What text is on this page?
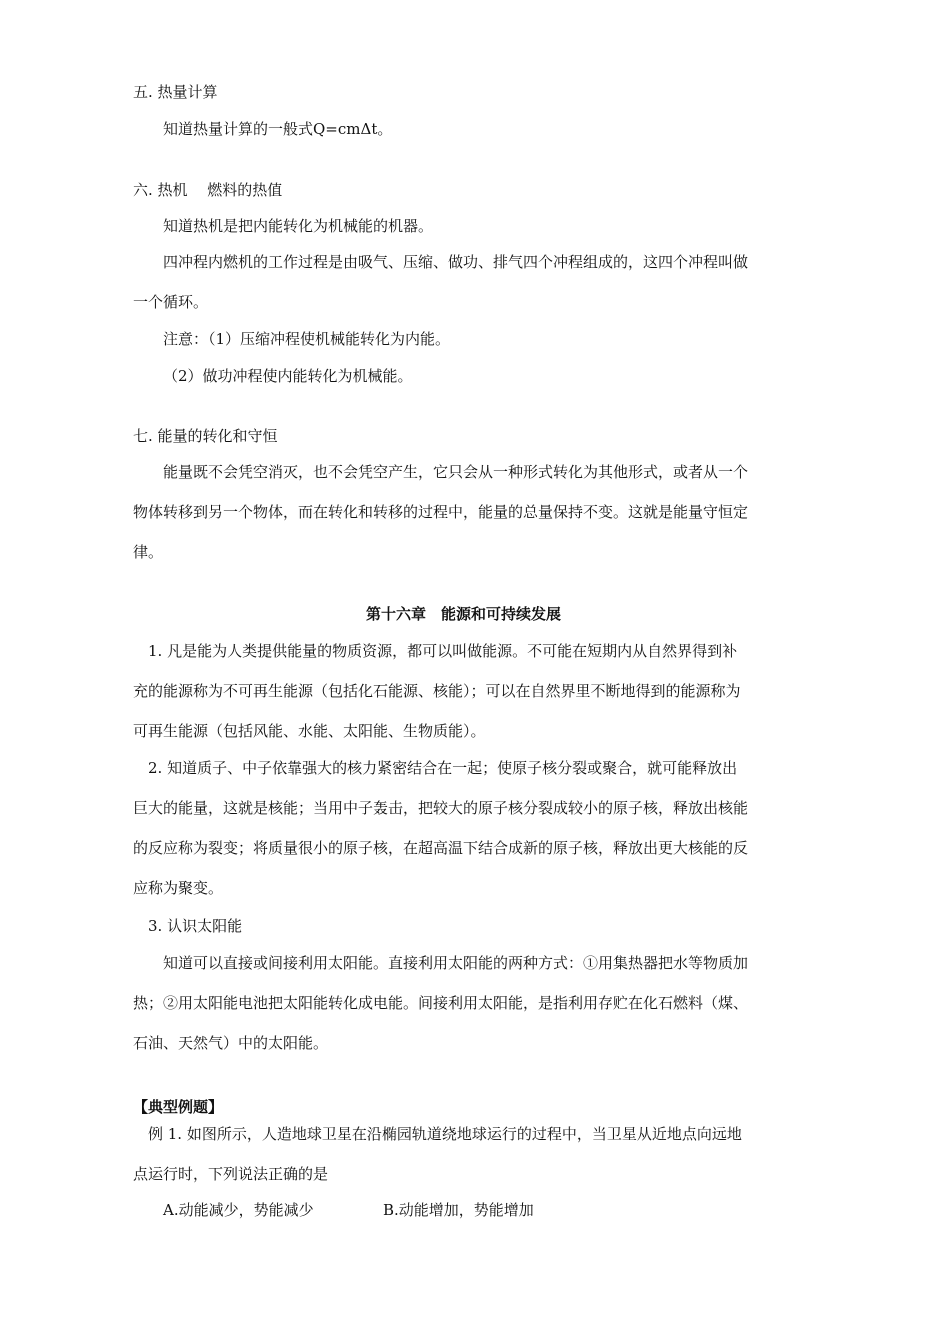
五. 热量计算
知道热量计算的一般式Q=cmΔt。
六. 热机　 燃料的热值
知道热机是把内能转化为机械能的机器。
四冲程内燃机的工作过程是由吸气、压缩、做功、排气四个冲程组成的，这四个冲程叫做
一个循环。
注意：（1）压缩冲程使机械能转化为内能。
（2）做功冲程使内能转化为机械能。
七. 能量的转化和守恒
能量既不会凭空消灭，也不会凭空产生，它只会从一种形式转化为其他形式，或者从一个
物体转移到另一个物体，而在转化和转移的过程中，能量的总量保持不变。这就是能量守恒定
律。
第十六章　能源和可持续发展
1. 凡是能为人类提供能量的物质资源，都可以叫做能源。不可能在短期内从自然界得到补
充的能源称为不可再生能源（包括化石能源、核能）；可以在自然界里不断地得到的能源称为
可再生能源（包括风能、水能、太阳能、生物质能）。
2. 知道质子、中子依靠强大的核力紧密结合在一起；使原子核分裂或聚合，就可能释放出
巨大的能量，这就是核能；当用中子轰击，把较大的原子核分裂成较小的原子核，释放出核能
的反应称为裂变；将质量很小的原子核，在超高温下结合成新的原子核，释放出更大核能的反
应称为聚变。
3. 认识太阳能
知道可以直接或间接利用太阳能。直接利用太阳能的两种方式：①用集热器把水等物质加
热；②用太阳能电池把太阳能转化成电能。间接利用太阳能，是指利用存贮在化石燃料（煤、
石油、天然气）中的太阳能。
【典型例题】
例 1. 如图所示，人造地球卫星在沿椭园轨道绕地球运行的过程中，当卫星从近地点向远地
点运行时，下列说法正确的是
A.动能减少，势能减少	B.动能增加，势能增加
